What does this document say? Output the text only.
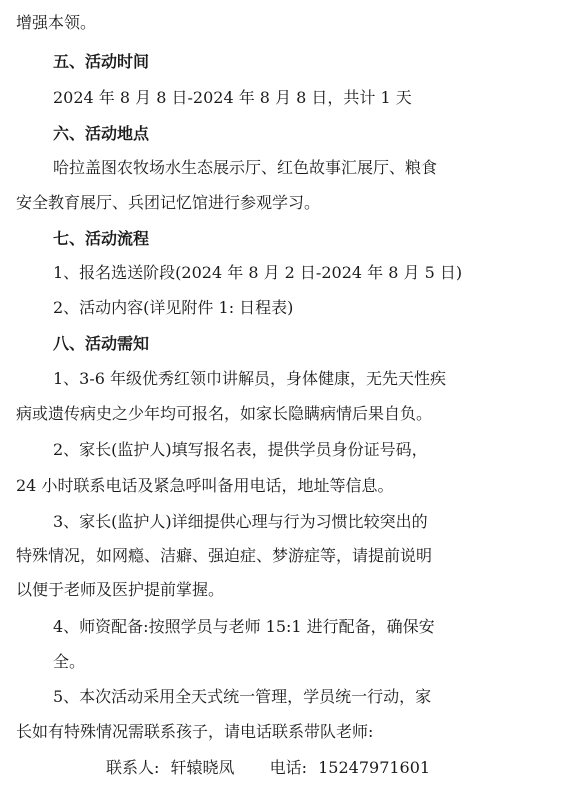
增强本领。
五、活动时间
2024 年 8 月 8 日-2024 年 8 月 8 日，共计 1 天
六、活动地点
哈拉盖图农牧场水生态展示厅、红色故事汇展厅、粮食
安全教育展厅、兵团记忆馆进行参观学习。
七、活动流程
1、报名选送阶段(2024 年 8 月 2 日-2024 年 8 月 5 日)
2、活动内容(详见附件 1: 日程表)
八、活动需知
1、3-6 年级优秀红领巾讲解员，身体健康，无先天性疾
病或遗传病史之少年均可报名，如家长隐瞒病情后果自负。
2、家长(监护人)填写报名表，提供学员身份证号码，
24 小时联系电话及紧急呼叫备用电话，地址等信息。
3、家长(监护人)详细提供心理与行为习惯比较突出的
特殊情况，如网瘾、洁癖、强迫症、梦游症等，请提前说明
以便于老师及医护提前掌握。
4、师资配备:按照学员与老师 15:1 进行配备，确保安
全。
5、本次活动采用全天式统一管理，学员统一行动，家
长如有特殊情况需联系孩子，请电话联系带队老师:
联系人: 轩辕晓凤 电话: 15247971601
